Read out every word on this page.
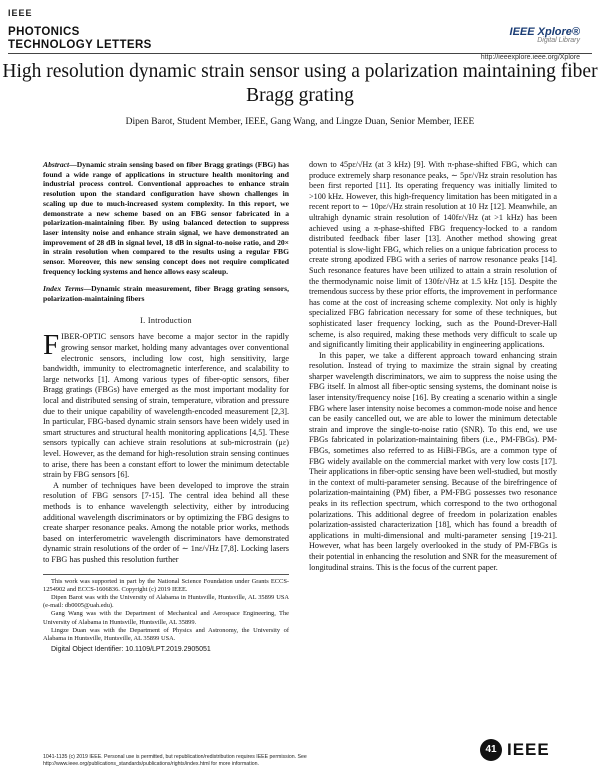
IEEE
PHOTONICS
TECHNOLOGY LETTERS
IEEE Xplore®
Digital Library
http://ieeexplore.ieee.org/Xplore
High resolution dynamic strain sensor using a polarization maintaining fiber Bragg grating
Dipen Barot, Student Member, IEEE, Gang Wang, and Lingze Duan, Senior Member, IEEE

Abstract—Dynamic strain sensing based on fiber Bragg gratings (FBG) has found a wide range of applications in structure health monitoring and industrial process control. Conventional approaches to enhance strain resolution upon the standard configuration have shown challenges in scaling up due to much-increased system complexity. In this report, we demonstrate a new scheme based on an FBG sensor fabricated in a polarization-maintaining fiber. By using balanced detection to suppress laser intensity noise and enhance strain signal, we have demonstrated an improvement of 28 dB in signal level, 18 dB in signal-to-noise ratio, and 20× in strain resolution when compared to the results using a regular FBG sensor. Moreover, this new sensing concept does not require complicated frequency locking systems and hence allows easy scaleup.

Index Terms—Dynamic strain measurement, fiber Bragg grating sensors, polarization-maintaining fibers

I. Introduction

FIBER-OPTIC sensors have become a major sector in the rapidly growing sensor market, holding many advantages over conventional electronic sensors, including low cost, high sensitivity, large bandwidth, immunity to electromagnetic interference, and scalability to large networks [1]. Among various types of fiber-optic sensors, fiber Bragg gratings (FBGs) have emerged as the most important modality for local and distributed sensing of strain, temperature, vibration and pressure due to their unique capability of wavelength-encoded measurement [2,3]. In particular, FBG-based dynamic strain sensors have been widely used in smart structures and structural health monitoring applications [4,5]. These sensors typically can achieve strain resolutions at sub-microstrain (με) level. However, as the demand for high-resolution strain sensing continues to arise, there has been a constant effort to lower the minimum detectable strain by FBG sensors [6].

A number of techniques have been developed to improve the strain resolution of FBG sensors [7-15]. The central idea behind all these methods is to enhance wavelength selectivity, either by introducing additional wavelength discriminators or by optimizing the FBG designs to create sharper resonance peaks. Among the notable prior works, methods based on interferometric wavelength discriminators have demonstrated dynamic strain resolutions of the order of ∼ 1nε/√Hz [7,8]. Locking lasers to FBG has pushed this resolution further

This work was supported in part by the National Science Foundation under Grants ECCS-1254902 and ECCS-1606836. Copyright (c) 2019 IEEE.

Dipen Barot was with the University of Alabama in Huntsville, Huntsville, AL 35899 USA (e-mail: db0005@uah.edu).

Gang Wang was with the Department of Mechanical and Aerospace Engineering, The University of Alabama in Huntsville, Huntsville, AL 35899.

Lingze Duan was with the Department of Physics and Astronomy, the University of Alabama in Huntsville, Huntsville, AL 35899 USA.

Digital Object Identifier: 10.1109/LPT.2019.2905051

down to 45pε/√Hz (at 3 kHz) [9]. With π-phase-shifted FBG, which can produce extremely sharp resonance peaks, ∼ 5pε/√Hz strain resolution has been first reported [11]. Its operating frequency was initially limited to >100 kHz. However, this high-frequency limitation has been mitigated in a recent report to ∼ 10pε/√Hz strain resolution at 10 Hz [12]. Meanwhile, an ultrahigh dynamic strain resolution of 140fε/√Hz (at >1 kHz) has been achieved using a π-phase-shifted FBG frequency-locked to a random distributed feedback fiber laser [13]. Another method showing great potential is slow-light FBG, which relies on a unique fabrication process to create strong apodized FBG with a series of narrow resonance peaks [14]. Such resonance features have been utilized to attain a strain resolution of the thermodynamic noise limit of 130fε/√Hz at 1.5 kHz [15]. Despite the tremendous success by these prior efforts, the improvement in performance has come at the cost of increasing scheme complexity. Not only is highly specialized FBG fabrication necessary for some of these techniques, but sophisticated laser frequency locking, such as the Pound-Drever-Hall scheme, is also required, making these methods very difficult to scale up and significantly limiting their applicability in engineering applications.

In this paper, we take a different approach toward enhancing strain resolution. Instead of trying to maximize the strain signal by creating sharper wavelength discriminators, we aim to suppress the noise using the FBG itself. In almost all fiber-optic sensing systems, the dominant noise is laser intensity/frequency noise [16]. By creating a scenario within a single FBG where laser intensity noise becomes a common-mode noise and hence can be easily cancelled out, we are able to lower the minimum detectable strain and improve the single-to-noise ratio (SNR). To this end, we use FBGs fabricated in polarization-maintaining fibers (i.e., PM-FBGs). PM-FBGs, sometimes also referred to as HiBi-FBGs, are a common type of FBG widely available on the commercial market with very low costs [17]. Their applications in fiber-optic sensing have been well-studied, but mostly in the context of multi-parameter sensing. Because of the birefringence of polarization-maintaining (PM) fiber, a PM-FBG possesses two resonance peaks in its reflection spectrum, which correspond to the two orthogonal polarizations. This additional degree of freedom in polarization enables polarization-assisted characterization [18], which has found a breadth of applications in multi-dimensional and multi-parameter sensing [19-21]. However, what has been largely overlooked in the study of PM-FBGs is their potential in enhancing the resolution and SNR for the measurement of longitudinal strains. This is the focus of the current paper.

1041-1135 (c) 2019 IEEE. Personal use is permitted, but republication/redistribution requires IEEE permission. See http://www.ieee.org/publications_standards/publications/rights/index.html for more information.
41 IEEE
